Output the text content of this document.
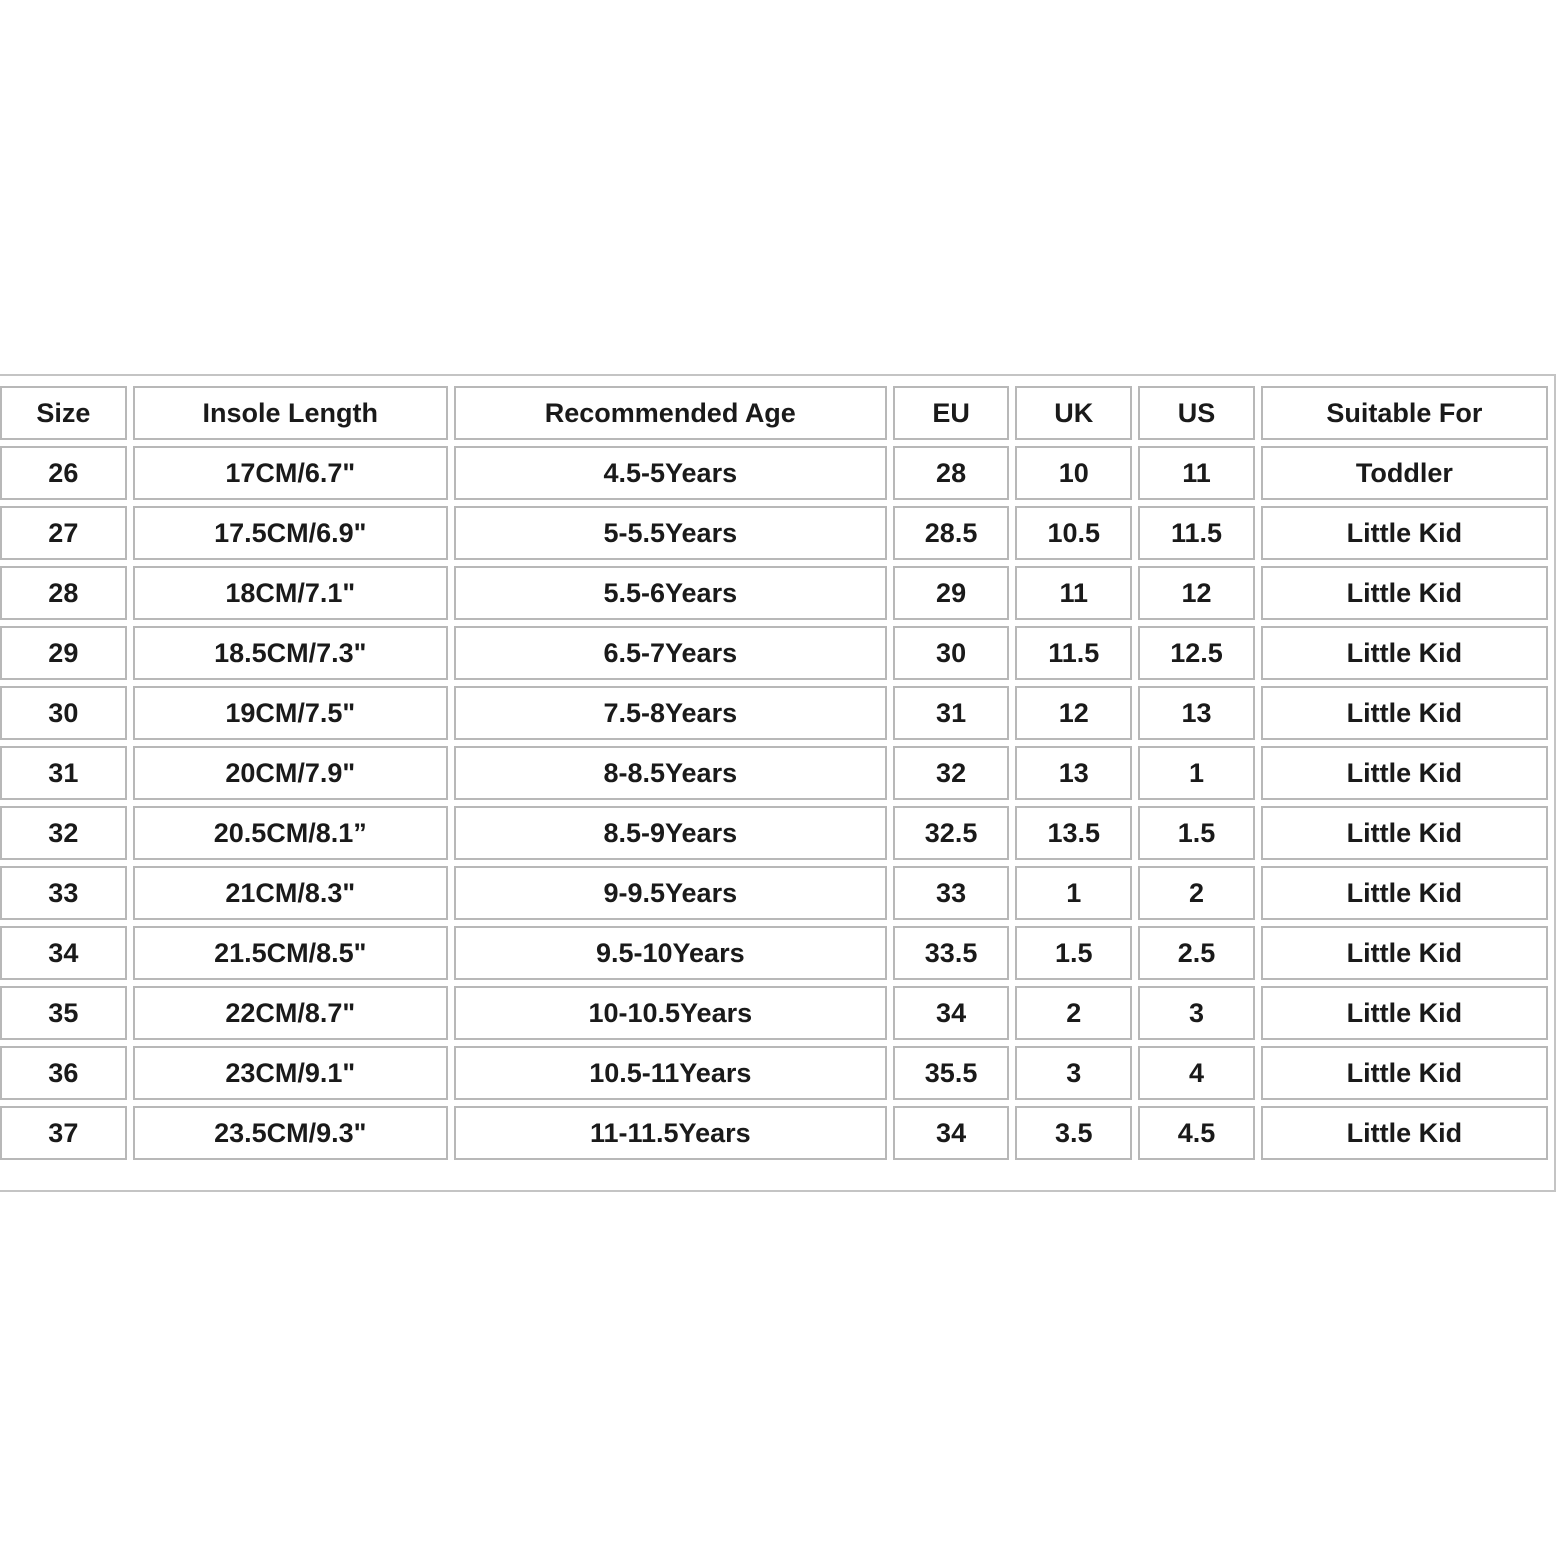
Size	Insole Length	Recommended Age	EU	UK	US	Suitable For
26	17CM/6.7"	4.5-5Years	28	10	11	Toddler
27	17.5CM/6.9"	5-5.5Years	28.5	10.5	11.5	Little Kid
28	18CM/7.1"	5.5-6Years	29	11	12	Little Kid
29	18.5CM/7.3"	6.5-7Years	30	11.5	12.5	Little Kid
30	19CM/7.5"	7.5-8Years	31	12	13	Little Kid
31	20CM/7.9"	8-8.5Years	32	13	1	Little Kid
32	20.5CM/8.1”	8.5-9Years	32.5	13.5	1.5	Little Kid
33	21CM/8.3"	9-9.5Years	33	1	2	Little Kid
34	21.5CM/8.5"	9.5-10Years	33.5	1.5	2.5	Little Kid
35	22CM/8.7"	10-10.5Years	34	2	3	Little Kid
36	23CM/9.1"	10.5-11Years	35.5	3	4	Little Kid
37	23.5CM/9.3"	11-11.5Years	34	3.5	4.5	Little Kid
